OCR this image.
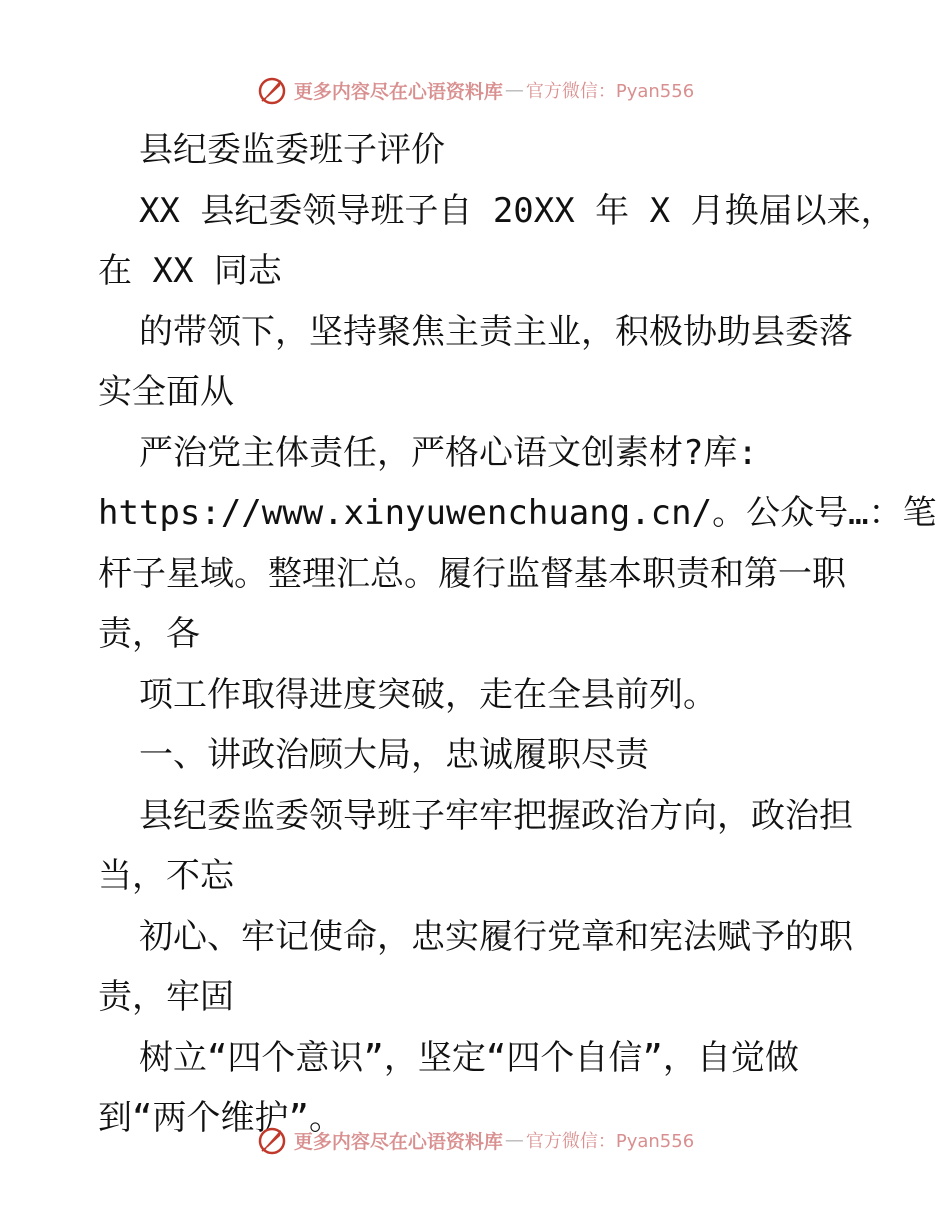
更多内容尽在心语资料库 — 官方微信：Pyan556
县纪委监委班子评价
XX 县纪委领导班子自 20XX 年 X 月换届以来，
在 XX 同志
的带领下，坚持聚焦主责主业，积极协助县委落
实全面从
严治党主体责任，严格心语文创素材?库:
https://www.xinyuwenchuang.cn/。公众号…：笔
杆子星域。整理汇总。履行监督基本职责和第一职
责，各
项工作取得进度突破，走在全县前列。
一、讲政治顾大局，忠诚履职尽责
县纪委监委领导班子牢牢把握政治方向，政治担
当，不忘
初心、牢记使命，忠实履行党章和宪法赋予的职
责，牢固
树立“四个意识”，坚定“四个自信”，自觉做
到“两个维护”。
更多内容尽在心语资料库 — 官方微信：Pyan556
